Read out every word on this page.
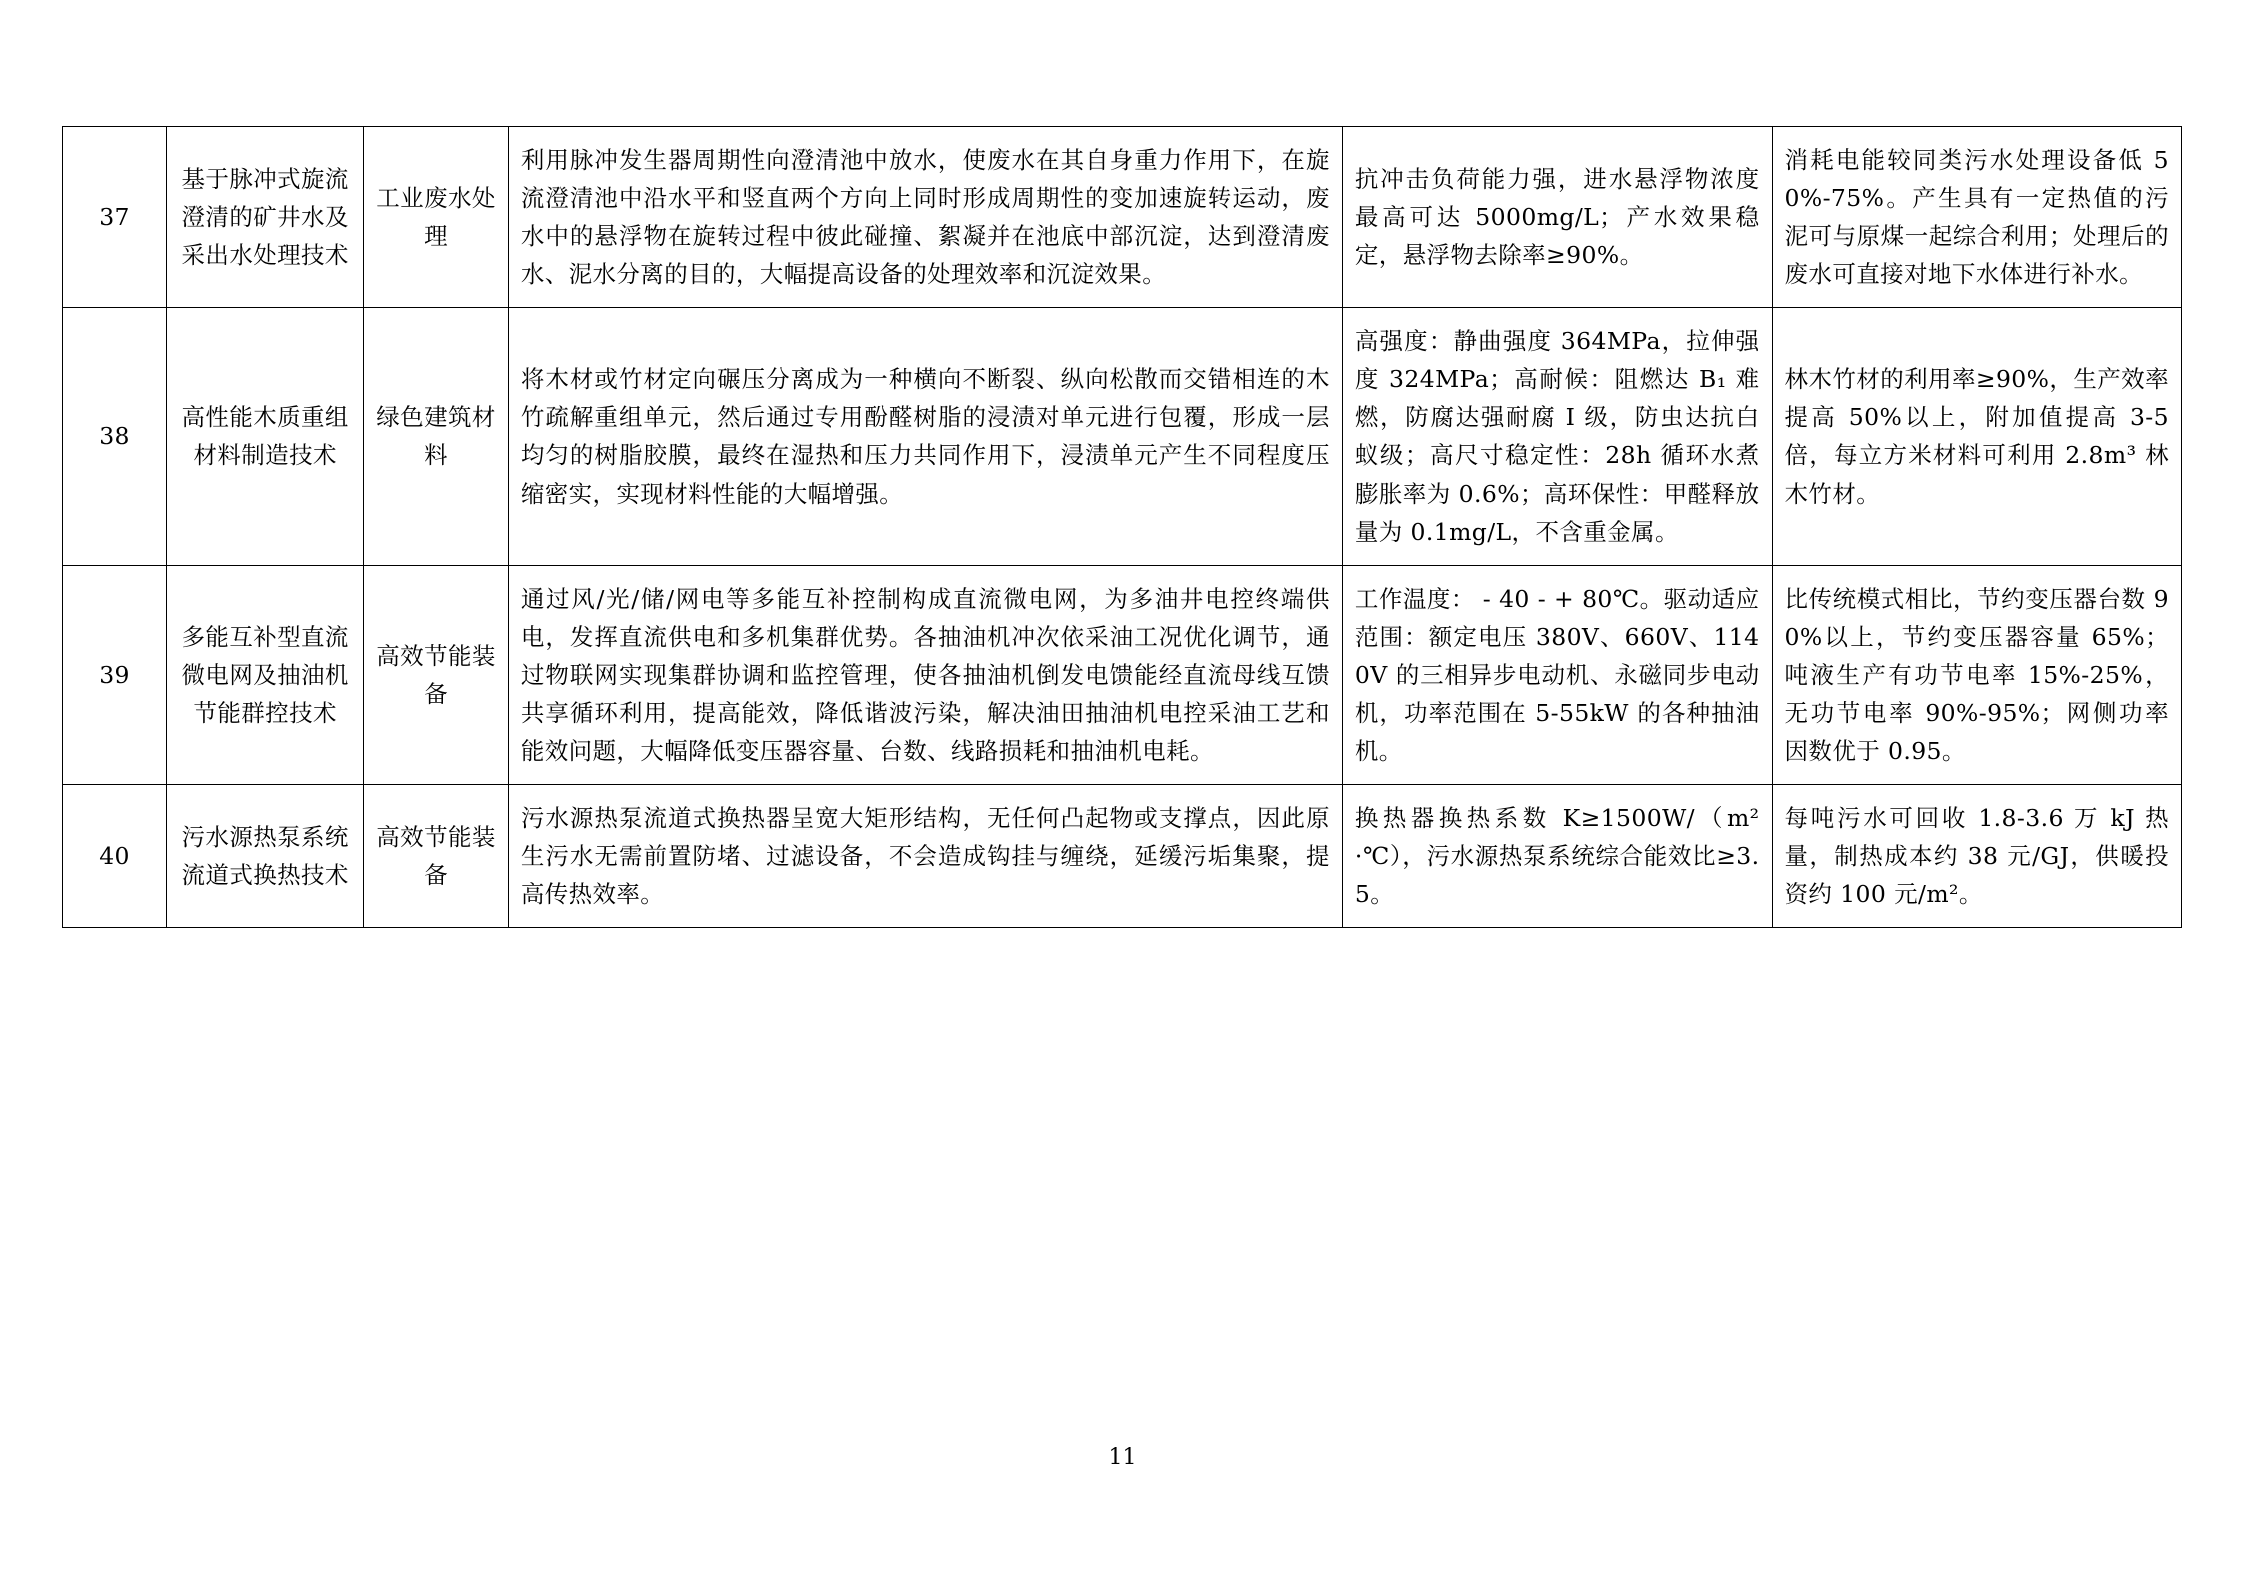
37	基于脉冲式旋流澄清的矿井水及采出水处理技术	工业废水处理	利用脉冲发生器周期性向澄清池中放水，使废水在其自身重力作用下，在旋流澄清池中沿水平和竖直两个方向上同时形成周期性的变加速旋转运动，废水中的悬浮物在旋转过程中彼此碰撞、絮凝并在池底中部沉淀，达到澄清废水、泥水分离的目的，大幅提高设备的处理效率和沉淀效果。	抗冲击负荷能力强，进水悬浮物浓度最高可达 5000mg/L；产水效果稳定，悬浮物去除率≥90%。	消耗电能较同类污水处理设备低 50%-75%。产生具有一定热值的污泥可与原煤一起综合利用；处理后的废水可直接对地下水体进行补水。
38	高性能木质重组材料制造技术	绿色建筑材料	将木材或竹材定向碾压分离成为一种横向不断裂、纵向松散而交错相连的木竹疏解重组单元，然后通过专用酚醛树脂的浸渍对单元进行包覆，形成一层均匀的树脂胶膜，最终在湿热和压力共同作用下，浸渍单元产生不同程度压缩密实，实现材料性能的大幅增强。	高强度：静曲强度 364MPa，拉伸强度 324MPa；高耐候：阻燃达 B₁ 难燃，防腐达强耐腐 I 级，防虫达抗白蚁级；高尺寸稳定性：28h 循环水煮膨胀率为 0.6%；高环保性：甲醛释放量为 0.1mg/L，不含重金属。	林木竹材的利用率≥90%，生产效率提高 50%以上，附加值提高 3-5 倍，每立方米材料可利用 2.8m³ 林木竹材。
39	多能互补型直流微电网及抽油机节能群控技术	高效节能装备	通过风/光/储/网电等多能互补控制构成直流微电网，为多油井电控终端供电，发挥直流供电和多机集群优势。各抽油机冲次依采油工况优化调节，通过物联网实现集群协调和监控管理，使各抽油机倒发电馈能经直流母线互馈共享循环利用，提高能效，降低谐波污染，解决油田抽油机电控采油工艺和能效问题，大幅降低变压器容量、台数、线路损耗和抽油机电耗。	工作温度： - 40 - + 80℃。驱动适应范围：额定电压 380V、660V、1140V 的三相异步电动机、永磁同步电动机，功率范围在 5-55kW 的各种抽油机。	比传统模式相比，节约变压器台数 90%以上，节约变压器容量 65%；吨液生产有功节电率 15%-25%，无功节电率 90%-95%；网侧功率因数优于 0.95。
40	污水源热泵系统流道式换热技术	高效节能装备	污水源热泵流道式换热器呈宽大矩形结构，无任何凸起物或支撑点，因此原生污水无需前置防堵、过滤设备，不会造成钩挂与缠绕，延缓污垢集聚，提高传热效率。	换热器换热系数 K≥1500W/（m²·℃），污水源热泵系统综合能效比≥3.5。	每吨污水可回收 1.8-3.6 万 kJ 热量，制热成本约 38 元/GJ，供暖投资约 100 元/m²。
11
